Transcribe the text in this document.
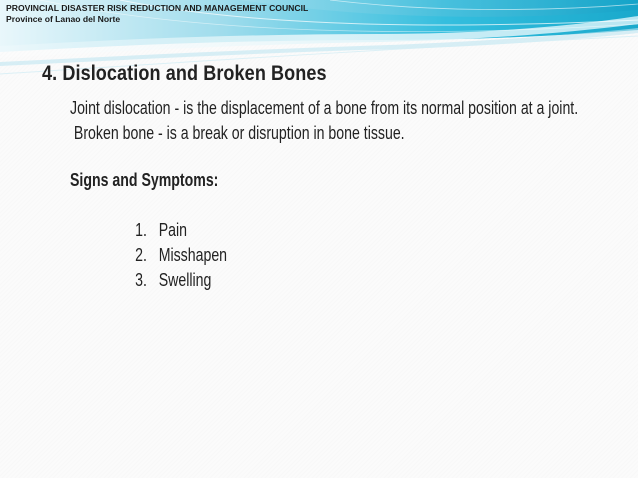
PROVINCIAL DISASTER RISK REDUCTION AND MANAGEMENT COUNCIL
Province of Lanao del Norte
4. Dislocation and Broken Bones

Joint dislocation - is the displacement of a bone from its normal position at a joint.

Broken bone - is a break or disruption in bone tissue.

Signs and Symptoms:

1. Pain
2. Misshapen
3. Swelling
